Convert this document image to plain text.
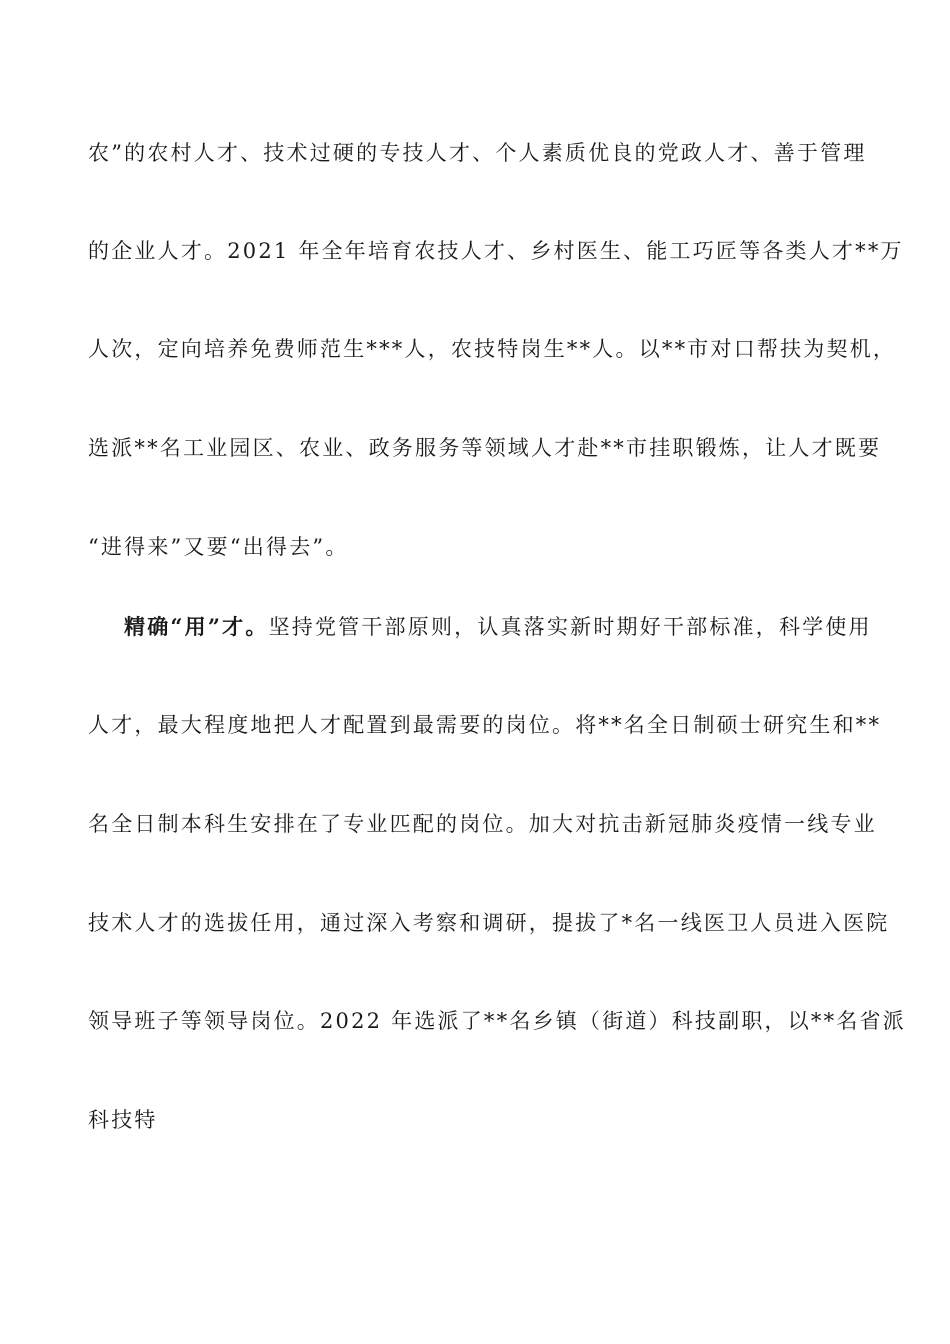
农”的农村人才、技术过硬的专技人才、个人素质优良的党政人才、善于管理
的企业人才。2021 年全年培育农技人才、乡村医生、能工巧匠等各类人才**万
人次，定向培养免费师范生***人，农技特岗生**人。以**市对口帮扶为契机，
选派**名工业园区、农业、政务服务等领域人才赴**市挂职锻炼，让人才既要
“进得来”又要“出得去”。
精确“用”才。坚持党管干部原则，认真落实新时期好干部标准，科学使用
人才，最大程度地把人才配置到最需要的岗位。将**名全日制硕士研究生和**
名全日制本科生安排在了专业匹配的岗位。加大对抗击新冠肺炎疫情一线专业
技术人才的选拔任用，通过深入考察和调研，提拔了*名一线医卫人员进入医院
领导班子等领导岗位。2022 年选派了**名乡镇（街道）科技副职，以**名省派
科技特
